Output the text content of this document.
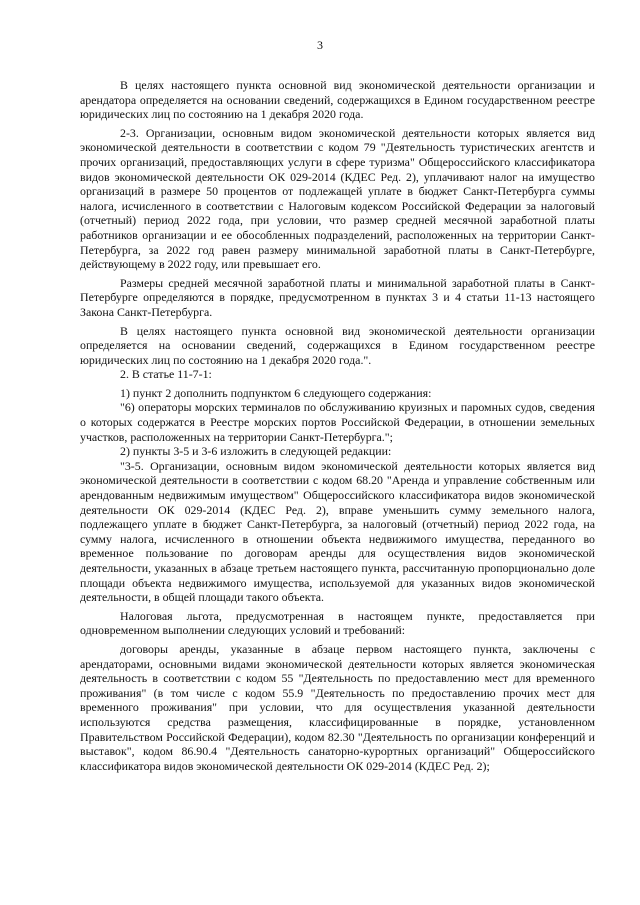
3

В целях настоящего пункта основной вид экономической деятельности организации и арендатора определяется на основании сведений, содержащихся в Едином государственном реестре юридических лиц по состоянию на 1 декабря 2020 года.

2-3. Организации, основным видом экономической деятельности которых является вид экономической деятельности в соответствии с кодом 79 "Деятельность туристических агентств и прочих организаций, предоставляющих услуги в сфере туризма" Общероссийского классификатора видов экономической деятельности ОК 029-2014 (КДЕС Ред. 2), уплачивают налог на имущество организаций в размере 50 процентов от подлежащей уплате в бюджет Санкт-Петербурга суммы налога, исчисленного в соответствии с Налоговым кодексом Российской Федерации за налоговый (отчетный) период 2022 года, при условии, что размер средней месячной заработной платы работников организации и ее обособленных подразделений, расположенных на территории Санкт-Петербурга, за 2022 год равен размеру минимальной заработной платы в Санкт-Петербурге, действующему в 2022 году, или превышает его.

Размеры средней месячной заработной платы и минимальной заработной платы в Санкт-Петербурге определяются в порядке, предусмотренном в пунктах 3 и 4 статьи 11-13 настоящего Закона Санкт-Петербурга.

В целях настоящего пункта основной вид экономической деятельности организации определяется на основании сведений, содержащихся в Едином государственном реестре юридических лиц по состоянию на 1 декабря 2020 года.".

2. В статье 11-7-1:

1) пункт 2 дополнить подпунктом 6 следующего содержания:

"6) операторы морских терминалов по обслуживанию круизных и паромных судов, сведения о которых содержатся в Реестре морских портов Российской Федерации, в отношении земельных участков, расположенных на территории Санкт-Петербурга.";

2) пункты 3-5 и 3-6 изложить в следующей редакции:

"3-5. Организации, основным видом экономической деятельности которых является вид экономической деятельности в соответствии с кодом 68.20 "Аренда и управление собственным или арендованным недвижимым имуществом" Общероссийского классификатора видов экономической деятельности ОК 029-2014 (КДЕС Ред. 2), вправе уменьшить сумму земельного налога, подлежащего уплате в бюджет Санкт-Петербурга, за налоговый (отчетный) период 2022 года, на сумму налога, исчисленного в отношении объекта недвижимого имущества, переданного во временное пользование по договорам аренды для осуществления видов экономической деятельности, указанных в абзаце третьем настоящего пункта, рассчитанную пропорционально доле площади объекта недвижимого имущества, используемой для указанных видов экономической деятельности, в общей площади такого объекта.

Налоговая льгота, предусмотренная в настоящем пункте, предоставляется при одновременном выполнении следующих условий и требований:

договоры аренды, указанные в абзаце первом настоящего пункта, заключены с арендаторами, основными видами экономической деятельности которых является экономическая деятельность в соответствии с кодом 55 "Деятельность по предоставлению мест для временного проживания" (в том числе с кодом 55.9 "Деятельность по предоставлению прочих мест для временного проживания" при условии, что для осуществления указанной деятельности используются средства размещения, классифицированные в порядке, установленном Правительством Российской Федерации), кодом 82.30 "Деятельность по организации конференций и выставок", кодом 86.90.4 "Деятельность санаторно-курортных организаций" Общероссийского классификатора видов экономической деятельности ОК 029-2014 (КДЕС Ред. 2);
